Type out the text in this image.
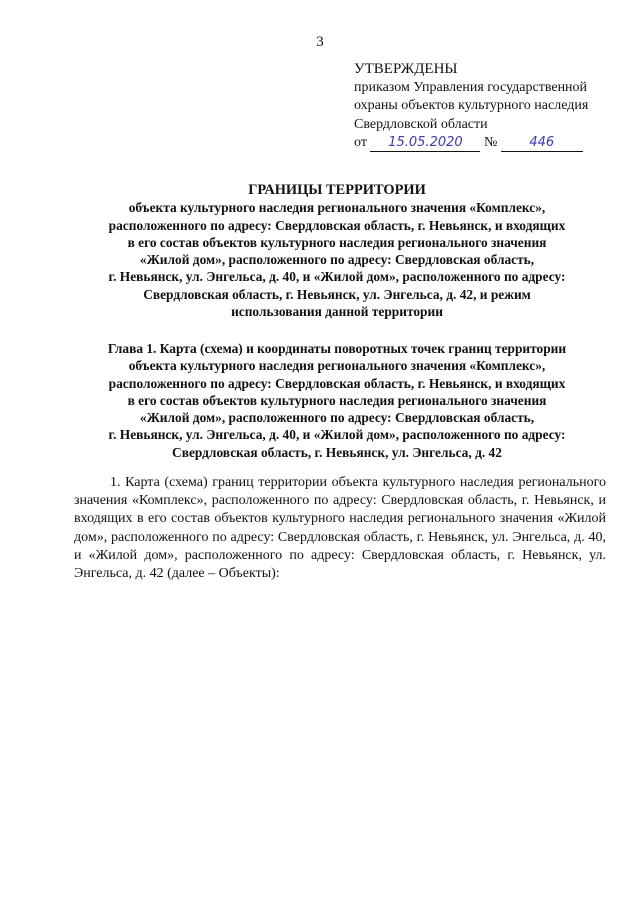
3
УТВЕРЖДЕНЫ
приказом Управления государственной
охраны объектов культурного наследия
Свердловской области
от 15.05.2020 № 446
ГРАНИЦЫ ТЕРРИТОРИИ
объекта культурного наследия регионального значения «Комплекс»,
расположенного по адресу: Свердловская область, г. Невьянск, и входящих
в его состав объектов культурного наследия регионального значения
«Жилой дом», расположенного по адресу: Свердловская область,
г. Невьянск, ул. Энгельса, д. 40, и «Жилой дом», расположенного по адресу:
Свердловская область, г. Невьянск, ул. Энгельса, д. 42, и режим
использования данной территории
Глава 1. Карта (схема) и координаты поворотных точек границ территории
объекта культурного наследия регионального значения «Комплекс»,
расположенного по адресу: Свердловская область, г. Невьянск, и входящих
в его состав объектов культурного наследия регионального значения
«Жилой дом», расположенного по адресу: Свердловская область,
г. Невьянск, ул. Энгельса, д. 40, и «Жилой дом», расположенного по адресу:
Свердловская область, г. Невьянск, ул. Энгельса, д. 42

1. Карта (схема) границ территории объекта культурного наследия регионального значения «Комплекс», расположенного по адресу: Свердловская область, г. Невьянск, и входящих в его состав объектов культурного наследия регионального значения «Жилой дом», расположенного по адресу: Свердловская область, г. Невьянск, ул. Энгельса, д. 40, и «Жилой дом», расположенного по адресу: Свердловская область, г. Невьянск, ул. Энгельса, д. 42 (далее – Объекты):
